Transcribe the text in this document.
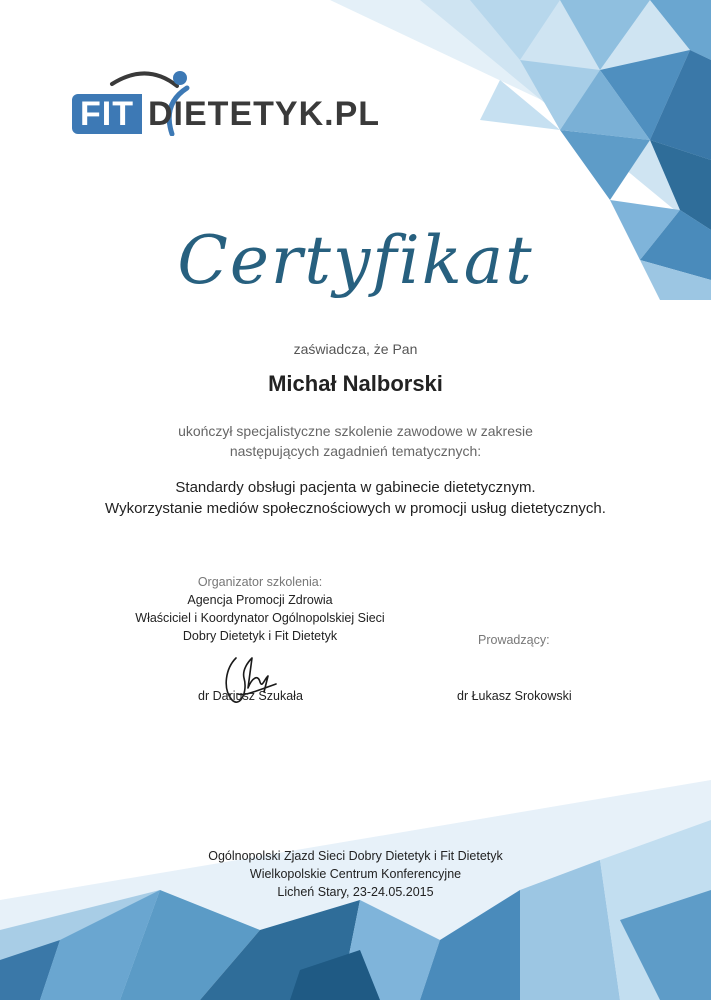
FIT DIETETYK.PL
Certyfikat
zaświadcza, że Pan
Michał Nalborski
ukończył specjalistyczne szkolenie zawodowe w zakresie
następujących zagadnień tematycznych:
Standardy obsługi pacjenta w gabinecie dietetycznym.
Wykorzystanie mediów społecznościowych w promocji usług dietetycznych.
Organizator szkolenia:
Agencja Promocji Zdrowia
Właściciel i Koordynator Ogólnopolskiej Sieci
Dobry Dietetyk i Fit Dietetyk	Prowadzący:
dr Dariusz Szukała	dr Łukasz Srokowski
Ogólnopolski Zjazd Sieci Dobry Dietetyk i Fit Dietetyk
Wielkopolskie Centrum Konferencyjne
Licheń Stary, 23-24.05.2015
